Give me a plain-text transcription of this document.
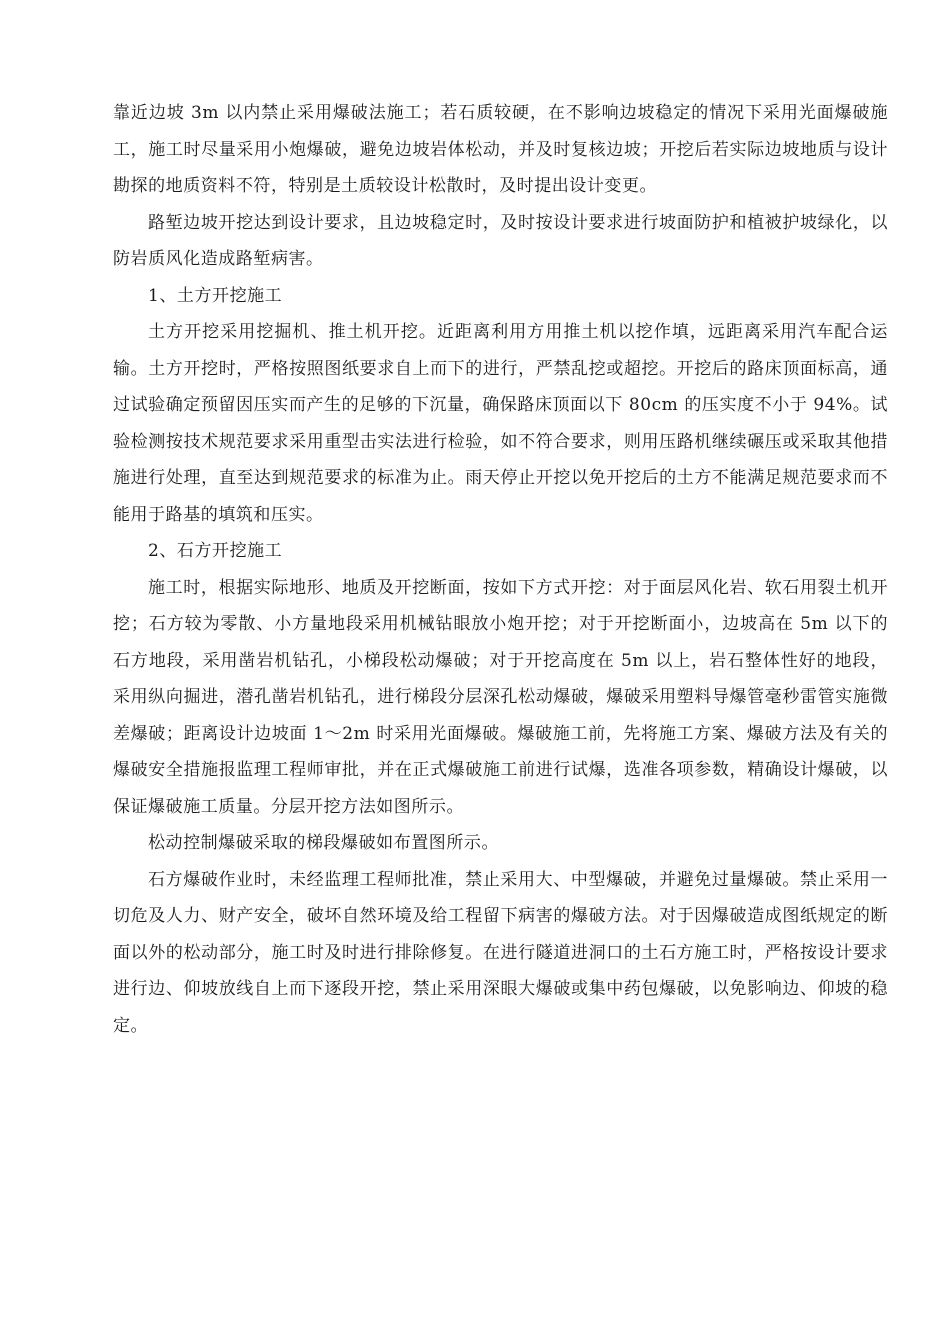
靠近边坡 3m 以内禁止采用爆破法施工；若石质较硬，在不影响边坡稳定的情况下采用光面爆破施工，施工时尽量采用小炮爆破，避免边坡岩体松动，并及时复核边坡；开挖后若实际边坡地质与设计勘探的地质资料不符，特别是土质较设计松散时，及时提出设计变更。

路堑边坡开挖达到设计要求，且边坡稳定时，及时按设计要求进行坡面防护和植被护坡绿化，以防岩质风化造成路堑病害。

1、土方开挖施工

土方开挖采用挖掘机、推土机开挖。近距离利用方用推土机以挖作填，远距离采用汽车配合运输。土方开挖时，严格按照图纸要求自上而下的进行，严禁乱挖或超挖。开挖后的路床顶面标高，通过试验确定预留因压实而产生的足够的下沉量，确保路床顶面以下 80cm 的压实度不小于 94%。试验检测按技术规范要求采用重型击实法进行检验，如不符合要求，则用压路机继续碾压或采取其他措施进行处理，直至达到规范要求的标准为止。雨天停止开挖以免开挖后的土方不能满足规范要求而不能用于路基的填筑和压实。

2、石方开挖施工

施工时，根据实际地形、地质及开挖断面，按如下方式开挖：对于面层风化岩、软石用裂土机开挖；石方较为零散、小方量地段采用机械钻眼放小炮开挖；对于开挖断面小，边坡高在 5m 以下的石方地段，采用凿岩机钻孔，小梯段松动爆破；对于开挖高度在 5m 以上，岩石整体性好的地段，采用纵向掘进，潜孔凿岩机钻孔，进行梯段分层深孔松动爆破，爆破采用塑料导爆管毫秒雷管实施微差爆破；距离设计边坡面 1～2m 时采用光面爆破。爆破施工前，先将施工方案、爆破方法及有关的爆破安全措施报监理工程师审批，并在正式爆破施工前进行试爆，选准各项参数，精确设计爆破，以保证爆破施工质量。分层开挖方法如图所示。

松动控制爆破采取的梯段爆破如布置图所示。

石方爆破作业时，未经监理工程师批准，禁止采用大、中型爆破，并避免过量爆破。禁止采用一切危及人力、财产安全，破坏自然环境及给工程留下病害的爆破方法。对于因爆破造成图纸规定的断面以外的松动部分，施工时及时进行排除修复。在进行隧道进洞口的土石方施工时，严格按设计要求进行边、仰坡放线自上而下逐段开挖，禁止采用深眼大爆破或集中药包爆破，以免影响边、仰坡的稳定。
